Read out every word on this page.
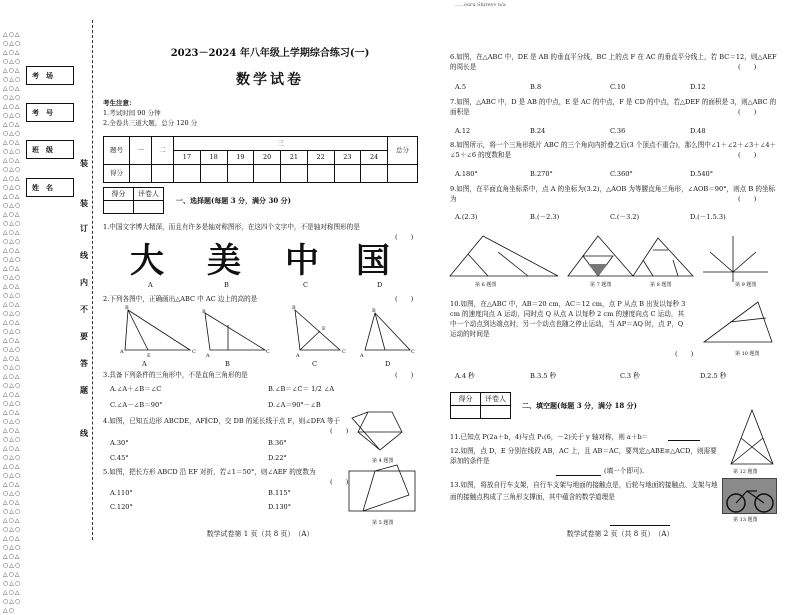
......ouru Shirevv n/a
△○△○△○△○△○△○△○△○△○△○△○△○△○△○△○△○△○△○△○△○△○△○△○△○△○△○△○△○△○△○△○△○△○△○△○△○△○△○△○△○△○△○△○△○△○△○△○△○△○△○△○△○△○△○△○△○△○△○△○△○△○△○△○△○△○△○△○△○△○△○△○△○△○△○△○△○△○△○△○△○△○△○△○△○△○△○△○△○△○△○△○△○△○△○△○△○△○
考　场
考　号
班　级
姓　名
装
装
订
线
内
不
要
答
题
线
2023－2024 年八年级上学期综合练习(一)
数学试卷
考生注意：
1.考试时间 90 分钟
2.全卷共三道大题，总分 120 分
题号	一	二	三								总分
			17	18	19	20	21	22	23	24	
得分											
得分	评卷人

一、选择题(每题 3 分，满分 30 分)
1.中国文字博大精深，而且有许多是轴对称图形，在这四个文字中，不是轴对称图形的是
(　　)
大 美 中 国
A	B	C	D
2.下列各图中，正确画出△ABC 中 AC 边上的高的是	(　　)
B
C
A
E
B
C
A
B
C
A
E
B
C
A
A	B	C	D
3.具备下列条件的三角形中，不是直角三角形的是	(　　)
A.∠A＋∠B＝∠C	B.∠B＝∠C＝ 1/2 ∠A
C.∠A－∠B＝90°	D.∠A＝90°－∠B
4.如图，已知五边形 ABCDE，AF∥CD，交 DB 的延长线于点 F，则∠DFA 等于
(　　)
A.30°	B.36°
C.45°	D.22°	第 4 题图
5.如图，把长方形 ABCD 沿 EF 对折，若∠1＝50°，则∠AEF 的度数为
(　　)
A.110°	B.115°
C.120°	D.130°
第 5 题图
数学试卷第 1 页（共 8 页）　（A）
6.如图，在△ABC 中，DE 是 AB 的垂直平分线，BC 上的点 F 在 AC 的垂直平分线上，若 BC＝12，则△AEF 的周长是	(　　)
A.5	B.8	C.10	D.12
7.如图，△ABC 中，D 是 AB 的中点，E 是 AC 的中点，F 是 CD 的中点，若△DEF 的面积是 3，则△ABC 的面积是	(　　)
A.12	B.24	C.36	D.48
8.如图所示，将一个三角形纸片 ABC 的三个角向内折叠之后(3 个顶点不重合)，那么图中∠1＋∠2＋∠3＋∠4＋∠5＋∠6 的度数和是	(　　)
A.180°	B.270°	C.360°	D.540°
9.如图，在平面直角坐标系中，点 A 的坐标为(3.2)，△AOB 为等腰直角三角形，∠AOB＝90°，则点 B 的坐标为	(　　)
A.(2.3)	B.(－2.3)	C.(－3.2)	D.(－1.5.3)
第 6 题图	第 7 题图	第 8 题图	第 9 题图
10.如图，在△ABC 中，AB＝20 cm，AC＝12 cm，点 P 从点 B 出发以每秒 3 cm 的速度向点 A 运动，同时点 Q 从点 A 以每秒 2 cm 的速度向点 C 运动，其中一个动点到达端点时，另一个动点也随之停止运动，当 AP＝AQ 时，点 P，Q 运动的时间是
(　　)	第 10 题图
A.4 秒	B.3.5 秒	C.3 秒	D.2.5 秒
得分	评卷人

二、填空题(每题 3 分，满分 18 分)
11.已知点 P(2a＋b，4)与点 P₁(6，－2)关于 y 轴对称，则 a＋b＝
12.如图，点 D，E 分别在线段 AB，AC 上，且 AB＝AC，要判定△ABE≌△ACD，则需要添加的条件是
(填一个即可).	第 12 题图
13.如图，将放自行车支架，自行车支架与地面的接触点是，后轮与地面的接触点、支架与地面的接触点构成了三角形支撑面，其中蕴含的数学道理是
第 13 题图
数学试卷第 2 页（共 8 页）　（A）
